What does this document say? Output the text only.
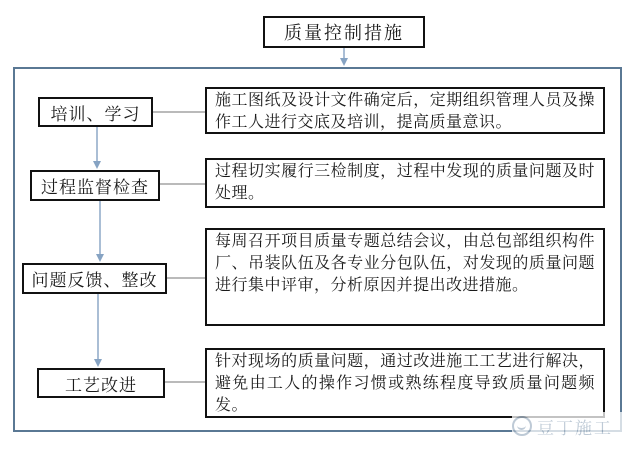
质量控制措施
培训、学习
过程监督检查
问题反馈、整改
工艺改进
施工图纸及设计文件确定后，定期组织管理人员及操作工人进行交底及培训，提高质量意识。
过程切实履行三检制度，过程中发现的质量问题及时处理。
每周召开项目质量专题总结会议，由总包部组织构件厂、吊装队伍及各专业分包队伍，对发现的质量问题进行集中评审，分析原因并提出改进措施。
针对现场的质量问题，通过改进施工工艺进行解决，避免由工人的操作习惯或熟练程度导致质量问题频发。
豆丁施工
